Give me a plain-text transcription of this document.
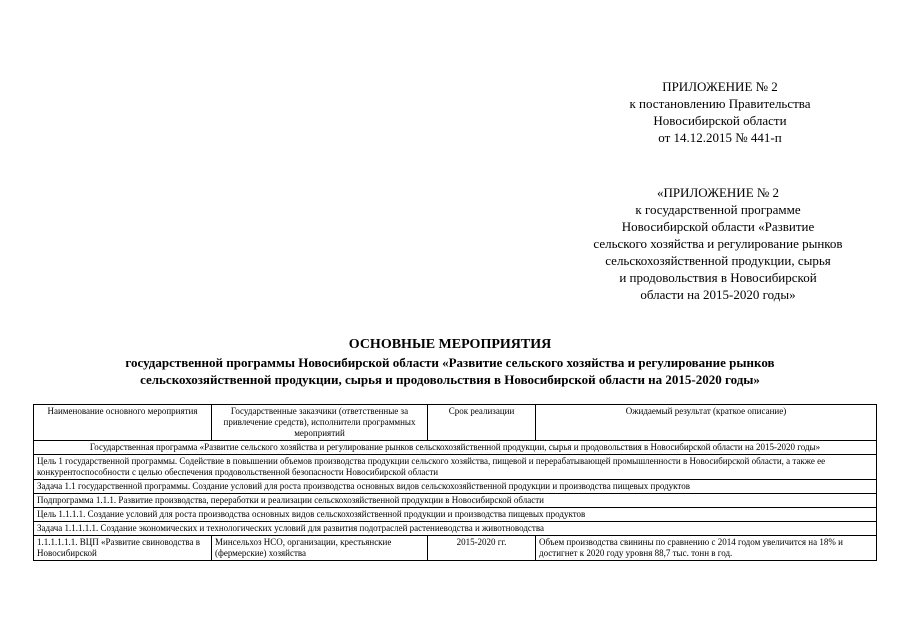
ПРИЛОЖЕНИЕ № 2
к постановлению Правительства
Новосибирской области
от 14.12.2015 № 441-п
«ПРИЛОЖЕНИЕ № 2
к государственной программе
Новосибирской области «Развитие
сельского хозяйства и регулирование рынков
сельскохозяйственной продукции, сырья
и продовольствия в Новосибирской
области на 2015-2020 годы»
ОСНОВНЫЕ МЕРОПРИЯТИЯ
государственной программы Новосибирской области «Развитие сельского хозяйства и регулирование рынков
сельскохозяйственной продукции, сырья и продовольствия в Новосибирской области на 2015-2020 годы»
Наименование основного мероприятия	Государственные заказчики (ответственные за привлечение средств), исполнители программных мероприятий	Срок реализации	Ожидаемый результат (краткое описание)
Государственная программа «Развитие сельского хозяйства и регулирование рынков сельскохозяйственной продукции, сырья и продовольствия в Новосибирской области на 2015-2020 годы»			
Цель 1 государственной программы. Содействие в повышении объемов производства продукции сельского хозяйства, пищевой и перерабатывающей промышленности в Новосибирской области, а также ее конкурентоспособности с целью обеспечения продовольственной безопасности Новосибирской области			
Задача 1.1 государственной программы. Создание условий для роста производства основных видов сельскохозяйственной продукции и производства пищевых продуктов			
Подпрограмма 1.1.1. Развитие производства, переработки и реализации сельскохозяйственной продукции в Новосибирской области			
Цель 1.1.1.1. Создание условий для роста производства основных видов сельскохозяйственной продукции и производства пищевых продуктов			
Задача 1.1.1.1.1. Создание экономических и технологических условий для развития подотраслей растениеводства и животноводства			
1.1.1.1.1.1. ВЦП «Развитие свиноводства в Новосибирской	Минсельхоз НСО, организации, крестьянские (фермерские) хозяйства	2015-2020 гг.	Объем производства свинины по сравнению с 2014 годом увеличится на 18% и достигнет к 2020 году уровня 88,7 тыс. тонн в год.
